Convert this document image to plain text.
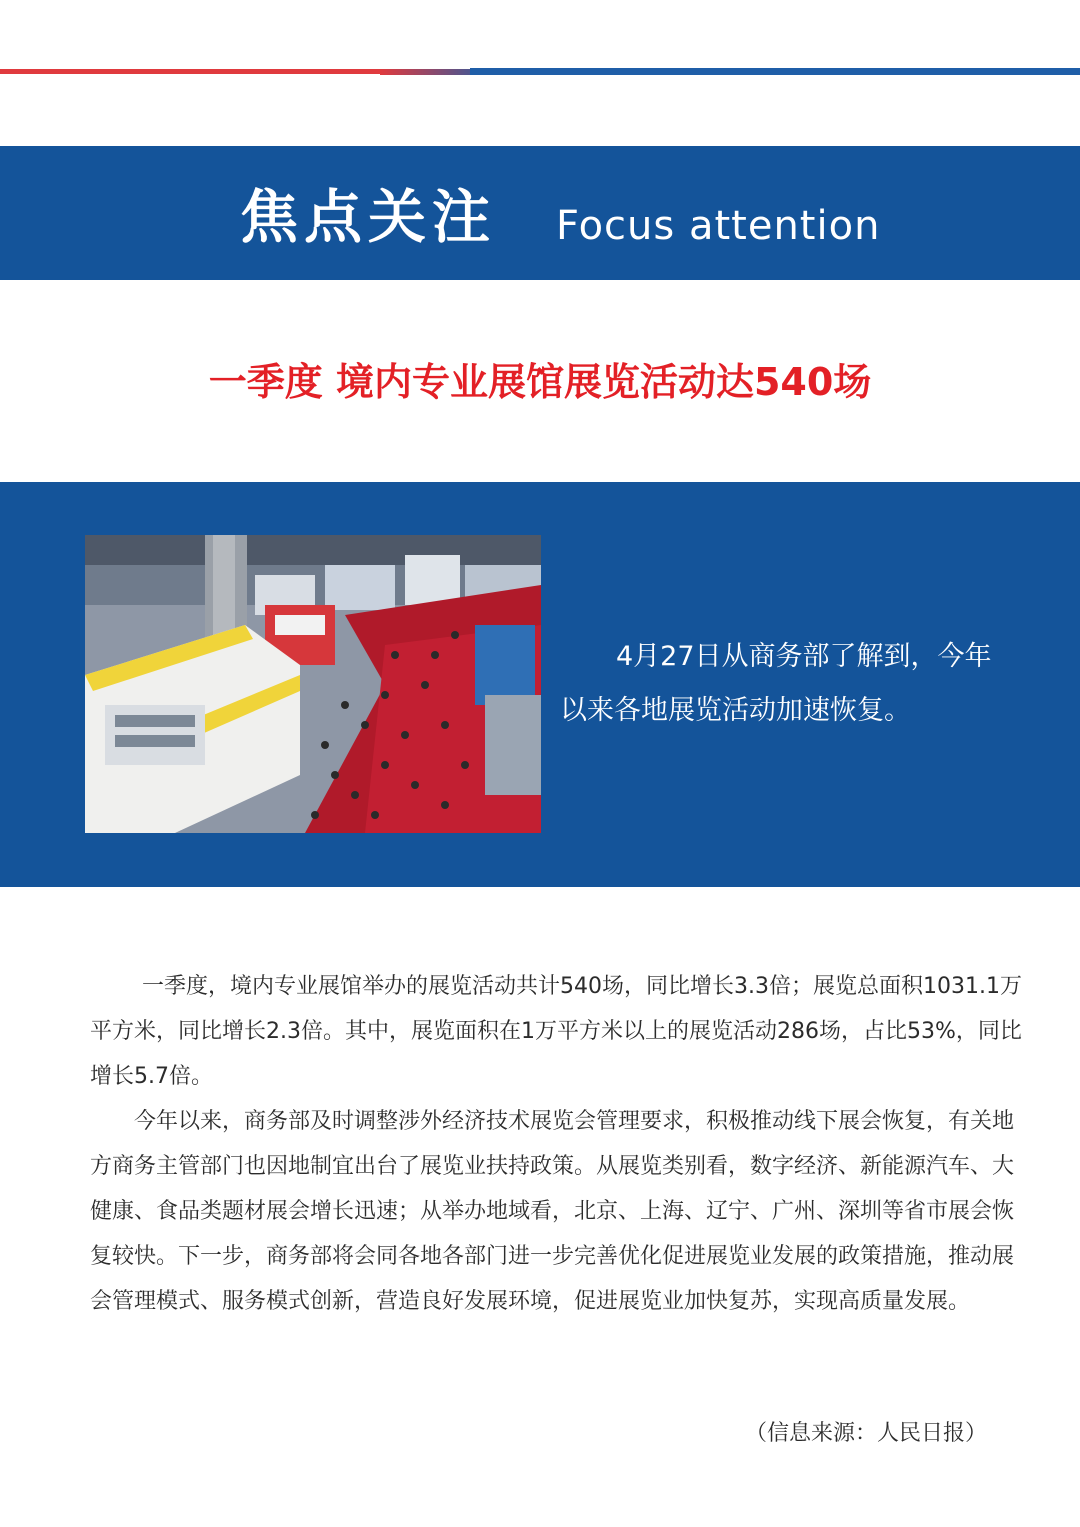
焦点关注 Focus attention
一季度 境内专业展馆展览活动达540场
4月27日从商务部了解到，今年
以来各地展览活动加速恢复。

一季度，境内专业展馆举办的展览活动共计540场，同比增长3.3倍；展览总面积1031.1万平方米，同比增长2.3倍。其中，展览面积在1万平方米以上的展览活动286场，占比53%，同比增长5.7倍。

今年以来，商务部及时调整涉外经济技术展览会管理要求，积极推动线下展会恢复，有关地方商务主管部门也因地制宜出台了展览业扶持政策。从展览类别看，数字经济、新能源汽车、大健康、食品类题材展会增长迅速；从举办地域看，北京、上海、辽宁、广州、深圳等省市展会恢复较快。下一步，商务部将会同各地各部门进一步完善优化促进展览业发展的政策措施，推动展会管理模式、服务模式创新，营造良好发展环境，促进展览业加快复苏，实现高质量发展。

（信息来源：人民日报）
